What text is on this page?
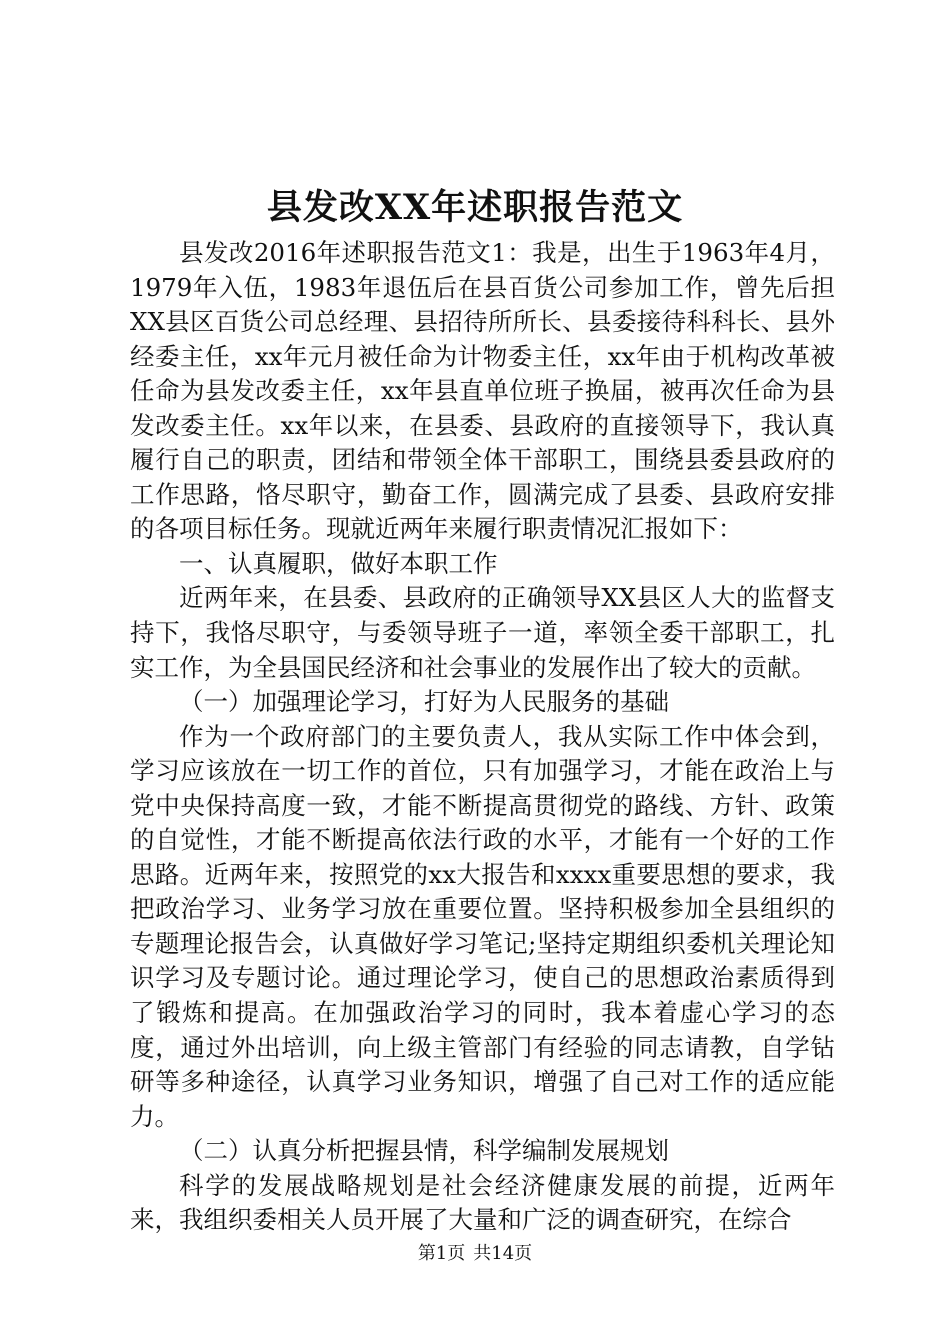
县发改XX年述职报告范文

县发改2016年述职报告范文1：我是，出生于1963年4月，1979年入伍，1983年退伍后在县百货公司参加工作，曾先后担XX县区百货公司总经理、县招待所所长、县委接待科科长、县外经委主任，xx年元月被任命为计物委主任，xx年由于机构改革被任命为县发改委主任，xx年县直单位班子换届，被再次任命为县发改委主任。xx年以来，在县委、县政府的直接领导下，我认真履行自己的职责，团结和带领全体干部职工，围绕县委县政府的工作思路，恪尽职守，勤奋工作，圆满完成了县委、县政府安排的各项目标任务。现就近两年来履行职责情况汇报如下：

一、认真履职，做好本职工作

近两年来，在县委、县政府的正确领导XX县区人大的监督支持下，我恪尽职守，与委领导班子一道，率领全委干部职工，扎实工作，为全县国民经济和社会事业的发展作出了较大的贡献。

（一）加强理论学习，打好为人民服务的基础

作为一个政府部门的主要负责人，我从实际工作中体会到，学习应该放在一切工作的首位，只有加强学习，才能在政治上与党中央保持高度一致，才能不断提高贯彻党的路线、方针、政策的自觉性，才能不断提高依法行政的水平，才能有一个好的工作思路。近两年来，按照党的xx大报告和xxxx重要思想的要求，我把政治学习、业务学习放在重要位置。坚持积极参加全县组织的专题理论报告会，认真做好学习笔记;坚持定期组织委机关理论知识学习及专题讨论。通过理论学习，使自己的思想政治素质得到了锻炼和提高。在加强政治学习的同时，我本着虚心学习的态度，通过外出培训，向上级主管部门有经验的同志请教，自学钻研等多种途径，认真学习业务知识，增强了自己对工作的适应能力。

（二）认真分析把握县情，科学编制发展规划

科学的发展战略规划是社会经济健康发展的前提，近两年来，我组织委相关人员开展了大量和广泛的调查研究，在综合

第1页 共14页
